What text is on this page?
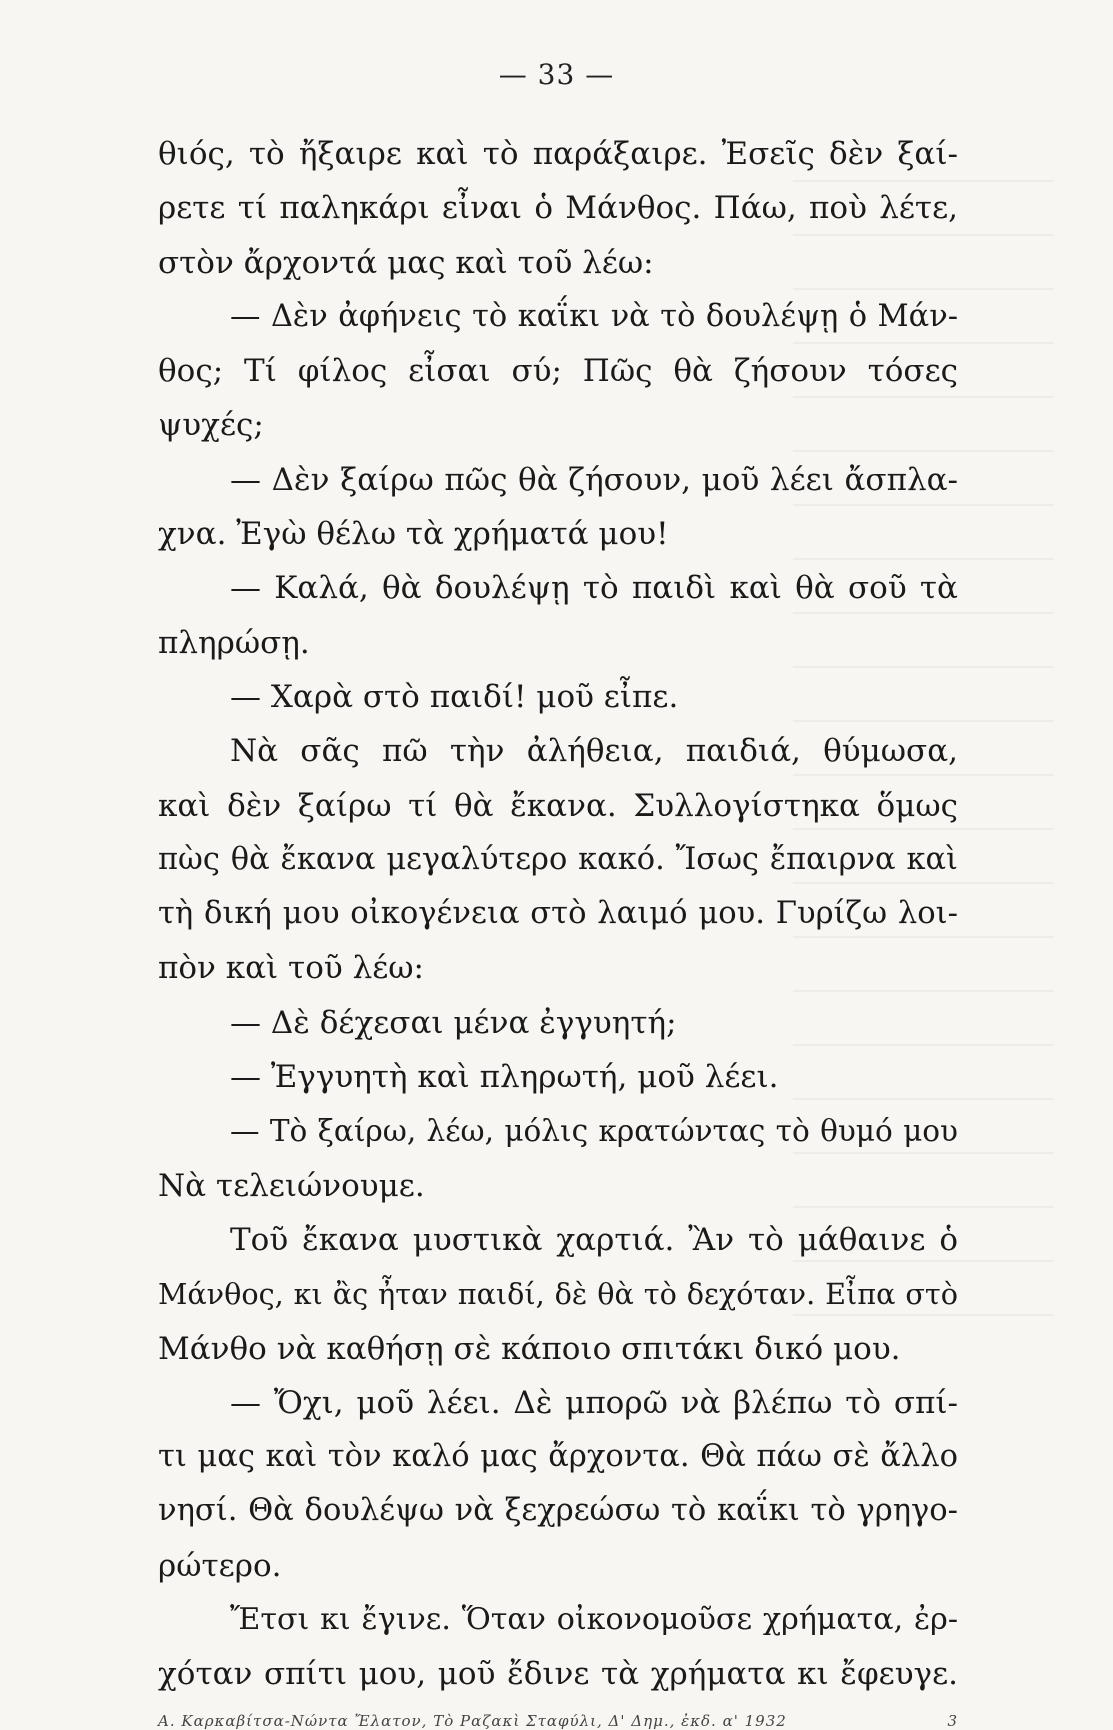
— 33 —
θιός, τὸ ἤξαιρε καὶ τὸ παράξαιρε. Ἐσεῖς δὲν ξαί-
ρετε τί παληκάρι εἶναι ὁ Μάνθος. Πάω, ποὺ λέτε,
στὸν ἄρχοντά μας καὶ τοῦ λέω:
— Δὲν ἀφήνεις τὸ καΐκι νὰ τὸ δουλέψῃ ὁ Μάν-
θος; Τί φίλος εἶσαι σύ; Πῶς θὰ ζήσουν τόσες
ψυχές;
— Δὲν ξαίρω πῶς θὰ ζήσουν, μοῦ λέει ἄσπλα-
χνα. Ἐγὼ θέλω τὰ χρήματά μου!
— Καλά, θὰ δουλέψῃ τὸ παιδὶ καὶ θὰ σοῦ τὰ
πληρώσῃ.
— Χαρὰ στὸ παιδί! μοῦ εἶπε.
Νὰ σᾶς πῶ τὴν ἀλήθεια, παιδιά, θύμωσα,
καὶ δὲν ξαίρω τί θὰ ἔκανα. Συλλογίστηκα ὅμως
πὼς θὰ ἔκανα μεγαλύτερο κακό. Ἴσως ἔπαιρνα καὶ
τὴ δική μου οἰκογένεια στὸ λαιμό μου. Γυρίζω λοι-
πὸν καὶ τοῦ λέω:
— Δὲ δέχεσαι μένα ἐγγυητή;
— Ἐγγυητὴ καὶ πληρωτή, μοῦ λέει.
— Τὸ ξαίρω, λέω, μόλις κρατώντας τὸ θυμό μου
Νὰ τελειώνουμε.
Τοῦ ἔκανα μυστικὰ χαρτιά. Ἂν τὸ μάθαινε ὁ
Μάνθος, κι ἂς ἦταν παιδί, δὲ θὰ τὸ δεχόταν. Εἶπα στὸ
Μάνθο νὰ καθήσῃ σὲ κάποιο σπιτάκι δικό μου.
— Ὄχι, μοῦ λέει. Δὲ μπορῶ νὰ βλέπω τὸ σπί-
τι μας καὶ τὸν καλό μας ἄρχοντα. Θὰ πάω σὲ ἄλλο
νησί. Θὰ δουλέψω νὰ ξεχρεώσω τὸ καΐκι τὸ γρηγο-
ρώτερο.
Ἔτσι κι ἔγινε. Ὅταν οἰκονομοῦσε χρήματα, ἐρ-
χόταν σπίτι μου, μοῦ ἔδινε τὰ χρήματα κι ἔφευγε.
Α. Καρκαβίτσα-Νώντα Ἔλατον, Τὸ Ραζακὶ Σταφύλι, Δ' Δημ., ἐκδ. α' 1932	3
